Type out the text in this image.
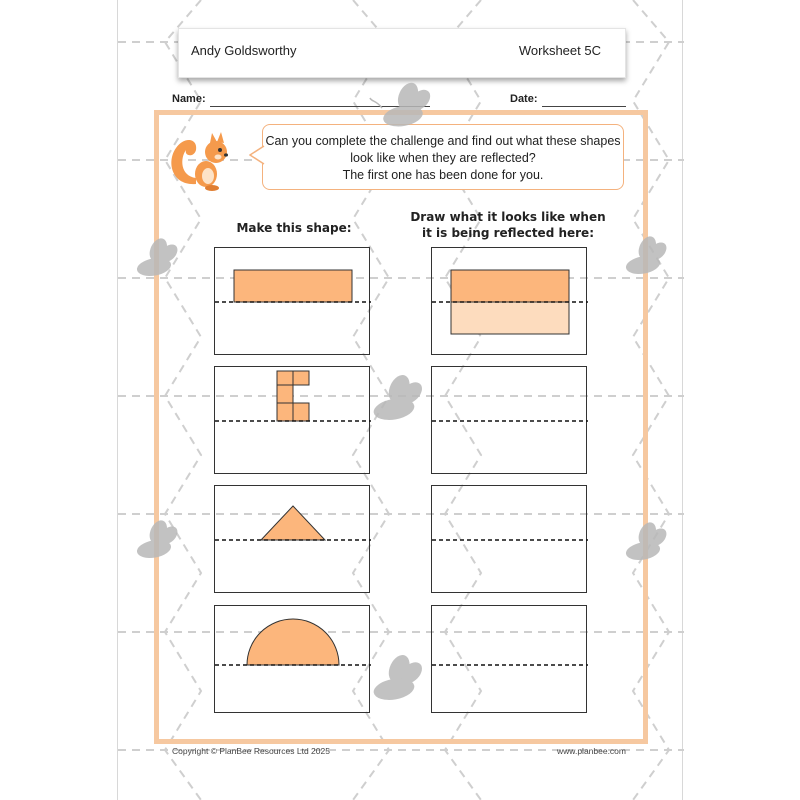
Andy Goldsworthy	Worksheet 5C
Name:	Date:
Can you complete the challenge and find out what these shapes
look like when they are reflected?
The first one has been done for you.
Make this shape:
Draw what it looks like when
it is being reflected here:
Copyright © PlanBee Resources Ltd 2025	www.planbee.com
